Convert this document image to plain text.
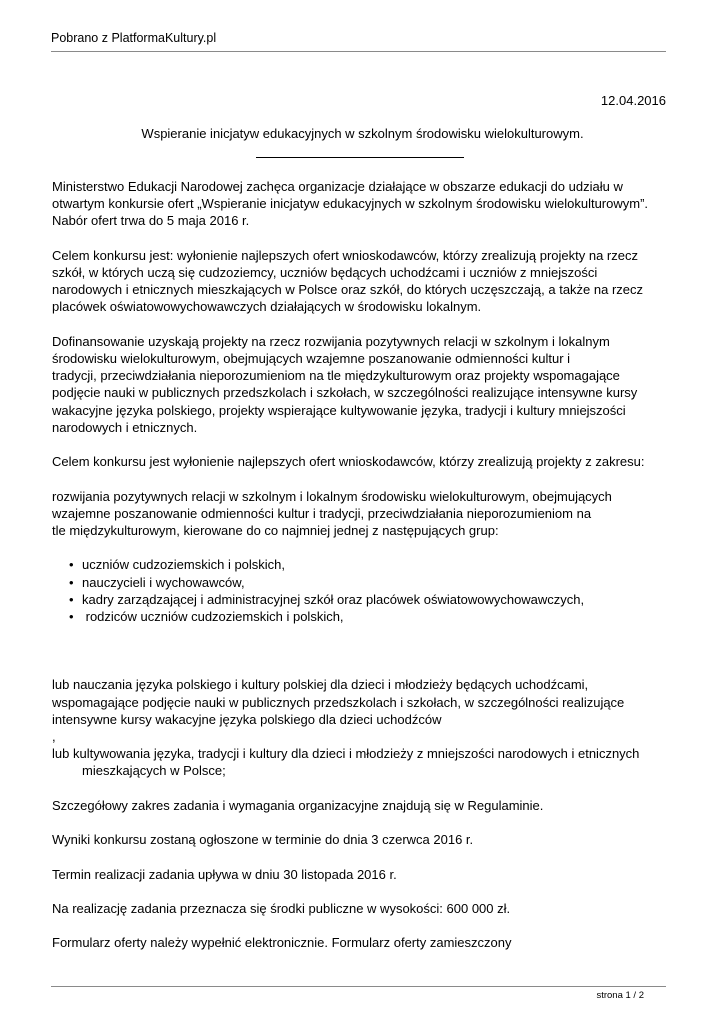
Pobrano z PlatformaKultury.pl
12.04.2016
Wspieranie inicjatyw edukacyjnych w szkolnym środowisku wielokulturowym.

Ministerstwo Edukacji Narodowej zachęca organizacje działające w obszarze edukacji do udziału w
otwartym konkursie ofert „Wspieranie inicjatyw edukacyjnych w szkolnym środowisku wielokulturowym”.
Nabór ofert trwa do 5 maja 2016 r.

Celem konkursu jest: wyłonienie najlepszych ofert wnioskodawców, którzy zrealizują projekty na rzecz
szkół, w których uczą się cudzoziemcy, uczniów będących uchodźcami i uczniów z mniejszości
narodowych i etnicznych mieszkających w Polsce oraz szkół, do których uczęszczają, a także na rzecz
placówek oświatowowychowawczych działających w środowisku lokalnym.

Dofinansowanie uzyskają projekty na rzecz rozwijania pozytywnych relacji w szkolnym i lokalnym
środowisku wielokulturowym, obejmujących wzajemne poszanowanie odmienności kultur i
tradycji, przeciwdziałania nieporozumieniom na tle międzykulturowym oraz projekty wspomagające
podjęcie nauki w publicznych przedszkolach i szkołach, w szczególności realizujące intensywne kursy
wakacyjne języka polskiego, projekty wspierające kultywowanie języka, tradycji i kultury mniejszości
narodowych i etnicznych.

Celem konkursu jest wyłonienie najlepszych ofert wnioskodawców, którzy zrealizują projekty z zakresu:

rozwijania pozytywnych relacji w szkolnym i lokalnym środowisku wielokulturowym, obejmujących
wzajemne poszanowanie odmienności kultur i tradycji, przeciwdziałania nieporozumieniom na
tle międzykulturowym, kierowane do co najmniej jednej z następujących grup:

• uczniów cudzoziemskich i polskich,
• nauczycieli i wychowawców,
• kadry zarządzającej i administracyjnej szkół oraz placówek oświatowowychowawczych,
• rodziców uczniów cudzoziemskich i polskich,

lub nauczania języka polskiego i kultury polskiej dla dzieci i młodzieży będących uchodźcami,
wspomagające podjęcie nauki w publicznych przedszkolach i szkołach, w szczególności realizujące
intensywne kursy wakacyjne języka polskiego dla dzieci uchodźców
,
lub kultywowania języka, tradycji i kultury dla dzieci i młodzieży z mniejszości narodowych i etnicznych
mieszkających w Polsce;

Szczegółowy zakres zadania i wymagania organizacyjne znajdują się w Regulaminie.

Wyniki konkursu zostaną ogłoszone w terminie do dnia 3 czerwca 2016 r.

Termin realizacji zadania upływa w dniu 30 listopada 2016 r.

Na realizację zadania przeznacza się środki publiczne w wysokości: 600 000 zł.

Formularz oferty należy wypełnić elektronicznie. Formularz oferty zamieszczony

strona 1 / 2
